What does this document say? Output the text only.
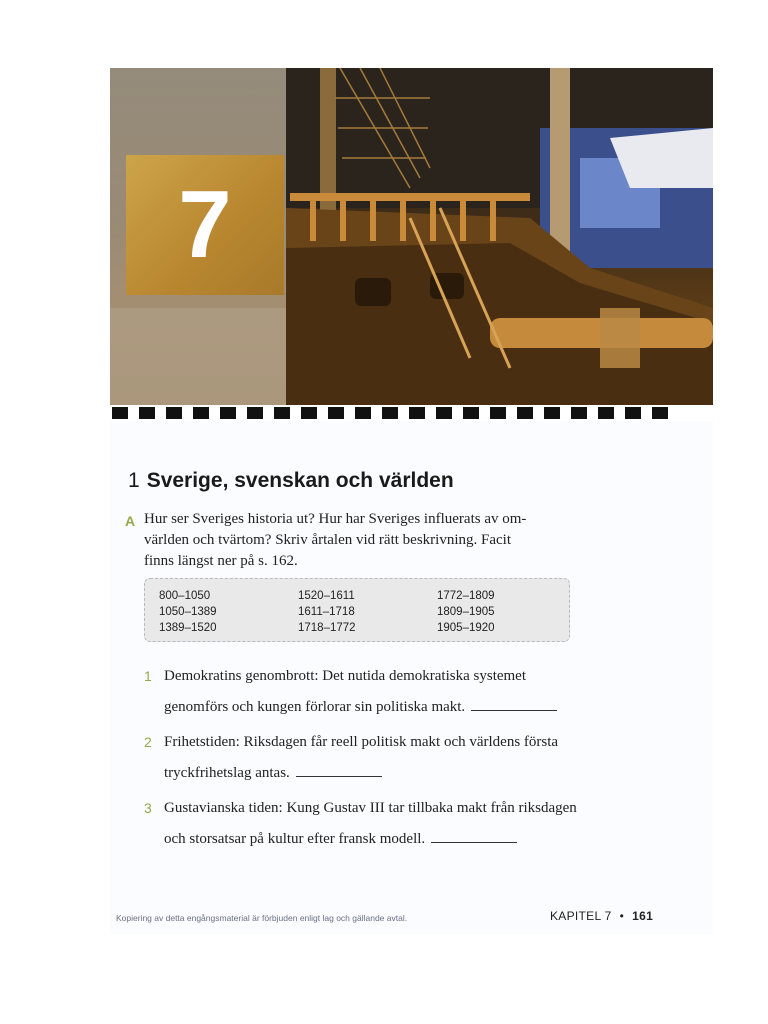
7
1 Sverige, svenskan och världen
A Hur ser Sveriges historia ut? Hur har Sveriges influerats av om-

världen och tvärtom? Skriv årtalen vid rätt beskrivning. Facit

finns längst ner på s. 162.

800–1050
1050–1389
1389–1520
1520–1611
1611–1718
1718–1772
1772–1809
1809–1905
1905–1920
1 Demokratins genombrott: Det nutida demokratiska systemet
genomförs och kungen förlorar sin politiska makt.
2 Frihetstiden: Riksdagen får reell politisk makt och världens första
tryckfrihetslag antas.
3 Gustavianska tiden: Kung Gustav III tar tillbaka makt från riksdagen
och storsatsar på kultur efter fransk modell.
Kopiering av detta engångsmaterial är förbjuden enligt lag och gällande avtal.	KAPITEL 7 • 161
